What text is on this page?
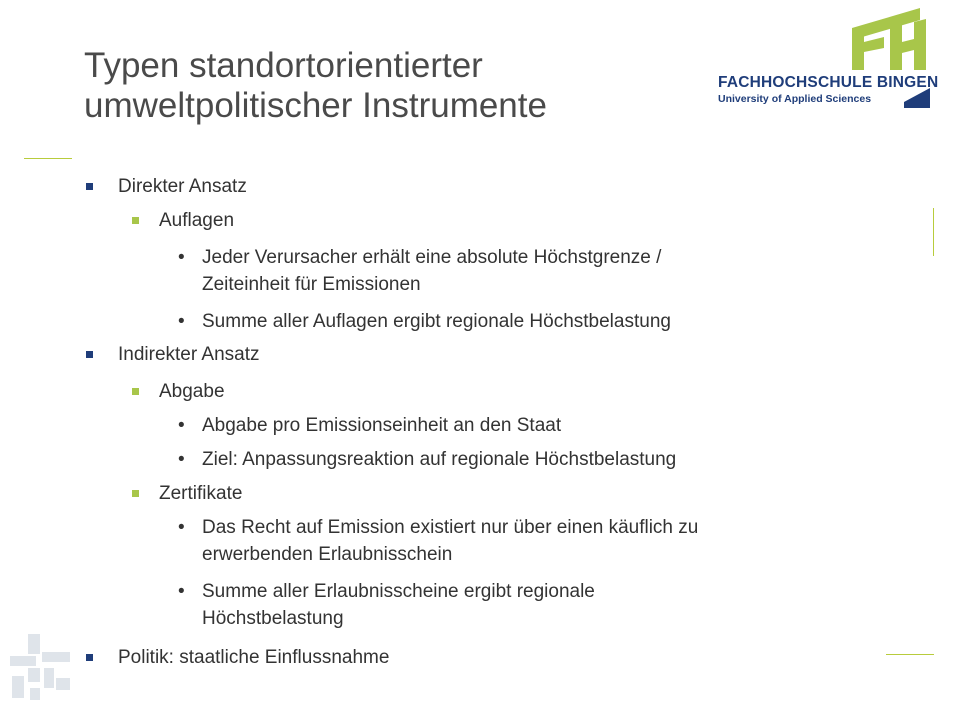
Typen standortorientierter
umweltpolitischer Instrumente
FACHHOCHSCHULE BINGEN
University of Applied Sciences
Direkter Ansatz
Auflagen
• Jeder Verursacher erhält eine absolute Höchstgrenze /
Zeiteinheit für Emissionen
• Summe aller Auflagen ergibt regionale Höchstbelastung
Indirekter Ansatz
Abgabe
• Abgabe pro Emissionseinheit an den Staat
• Ziel: Anpassungsreaktion auf regionale Höchstbelastung
Zertifikate
• Das Recht auf Emission existiert nur über einen käuflich zu
erwerbenden Erlaubnisschein
• Summe aller Erlaubnisscheine ergibt regionale
Höchstbelastung
Politik: staatliche Einflussnahme
